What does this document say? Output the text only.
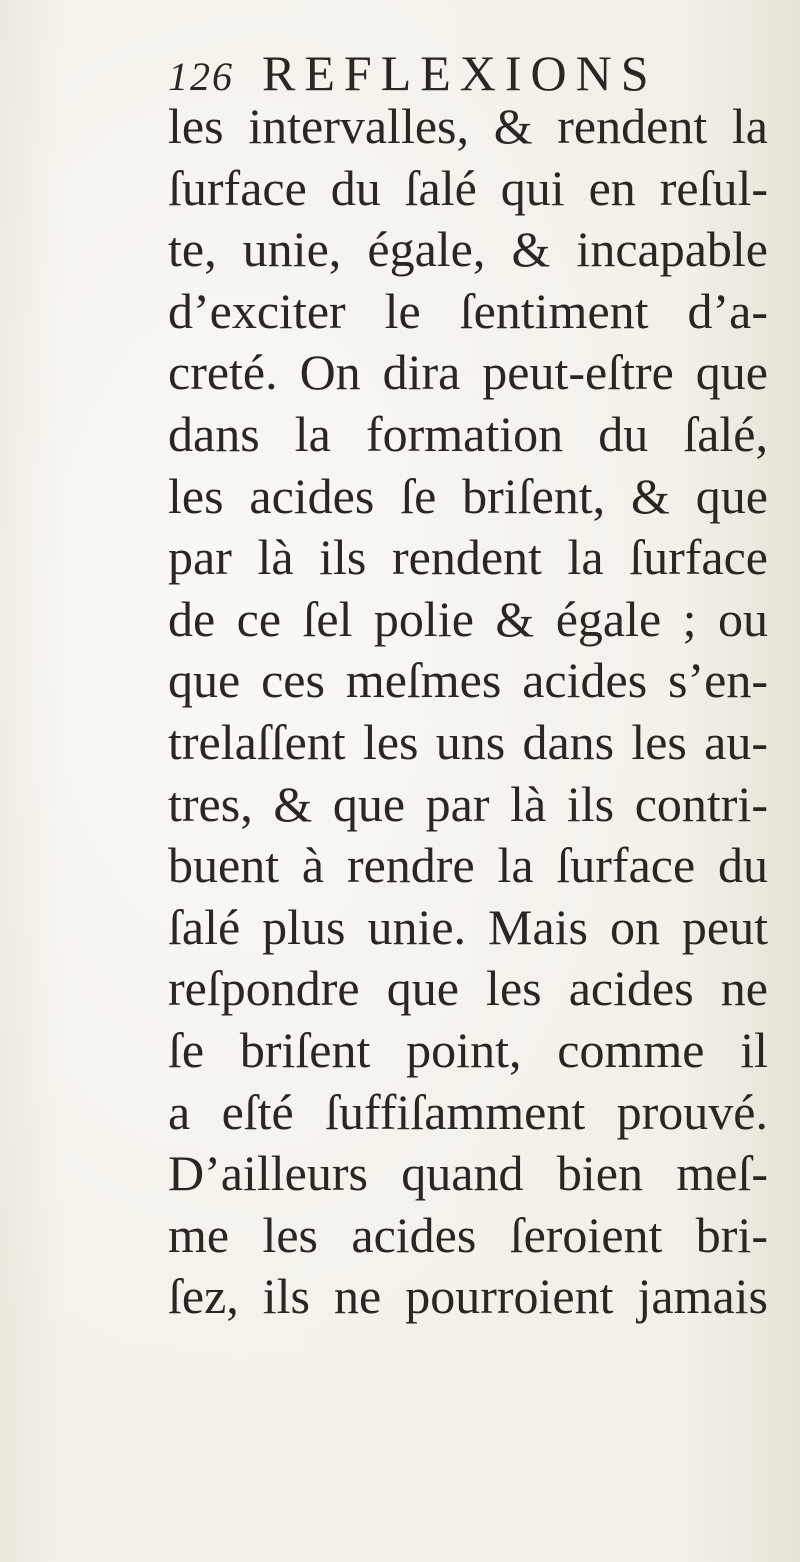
126 REFLEXIONS
les intervalles, & rendent la
ſurface du ſalé qui en reſul-
te, unie, égale, & incapable
d’exciter le ſentiment d’a-
creté. On dira peut-eſtre que
dans la formation du ſalé,
les acides ſe briſent, & que
par là ils rendent la ſurface
de ce ſel polie & égale ; ou
que ces meſmes acides s’en-
trelaſſent les uns dans les au-
tres, & que par là ils contri-
buent à rendre la ſurface du
ſalé plus unie. Mais on peut
reſpondre que les acides ne
ſe briſent point, comme il
a eſté ſuffiſamment prouvé.
D’ailleurs quand bien meſ-
me les acides ſeroient bri-
ſez, ils ne pourroient jamais
